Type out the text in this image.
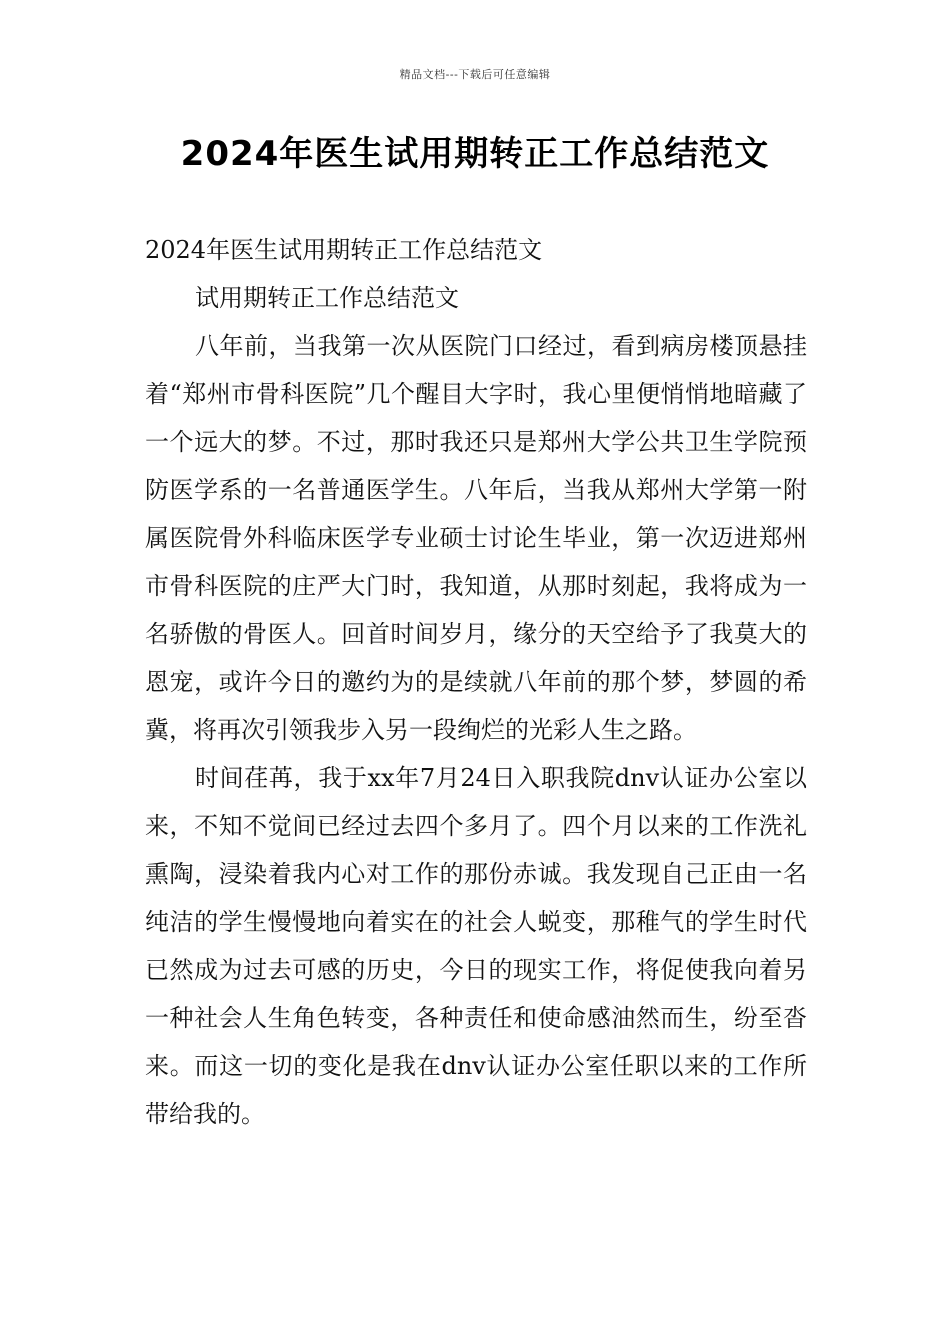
精品文档---下载后可任意编辑
2024年医生试用期转正工作总结范文

2024年医生试用期转正工作总结范文

试用期转正工作总结范文

八年前，当我第一次从医院门口经过，看到病房楼顶悬挂着“郑州市骨科医院”几个醒目大字时，我心里便悄悄地暗藏了一个远大的梦。不过，那时我还只是郑州大学公共卫生学院预防医学系的一名普通医学生。八年后，当我从郑州大学第一附属医院骨外科临床医学专业硕士讨论生毕业，第一次迈进郑州市骨科医院的庄严大门时，我知道，从那时刻起，我将成为一名骄傲的骨医人。回首时间岁月，缘分的天空给予了我莫大的恩宠，或许今日的邀约为的是续就八年前的那个梦，梦圆的希冀，将再次引领我步入另一段绚烂的光彩人生之路。

时间荏苒，我于xx年7月24日入职我院dnv认证办公室以来，不知不觉间已经过去四个多月了。四个月以来的工作洗礼熏陶，浸染着我内心对工作的那份赤诚。我发现自己正由一名纯洁的学生慢慢地向着实在的社会人蜕变，那稚气的学生时代已然成为过去可感的历史，今日的现实工作，将促使我向着另一种社会人生角色转变，各种责任和使命感油然而生，纷至沓来。而这一切的变化是我在dnv认证办公室任职以来的工作所带给我的。
